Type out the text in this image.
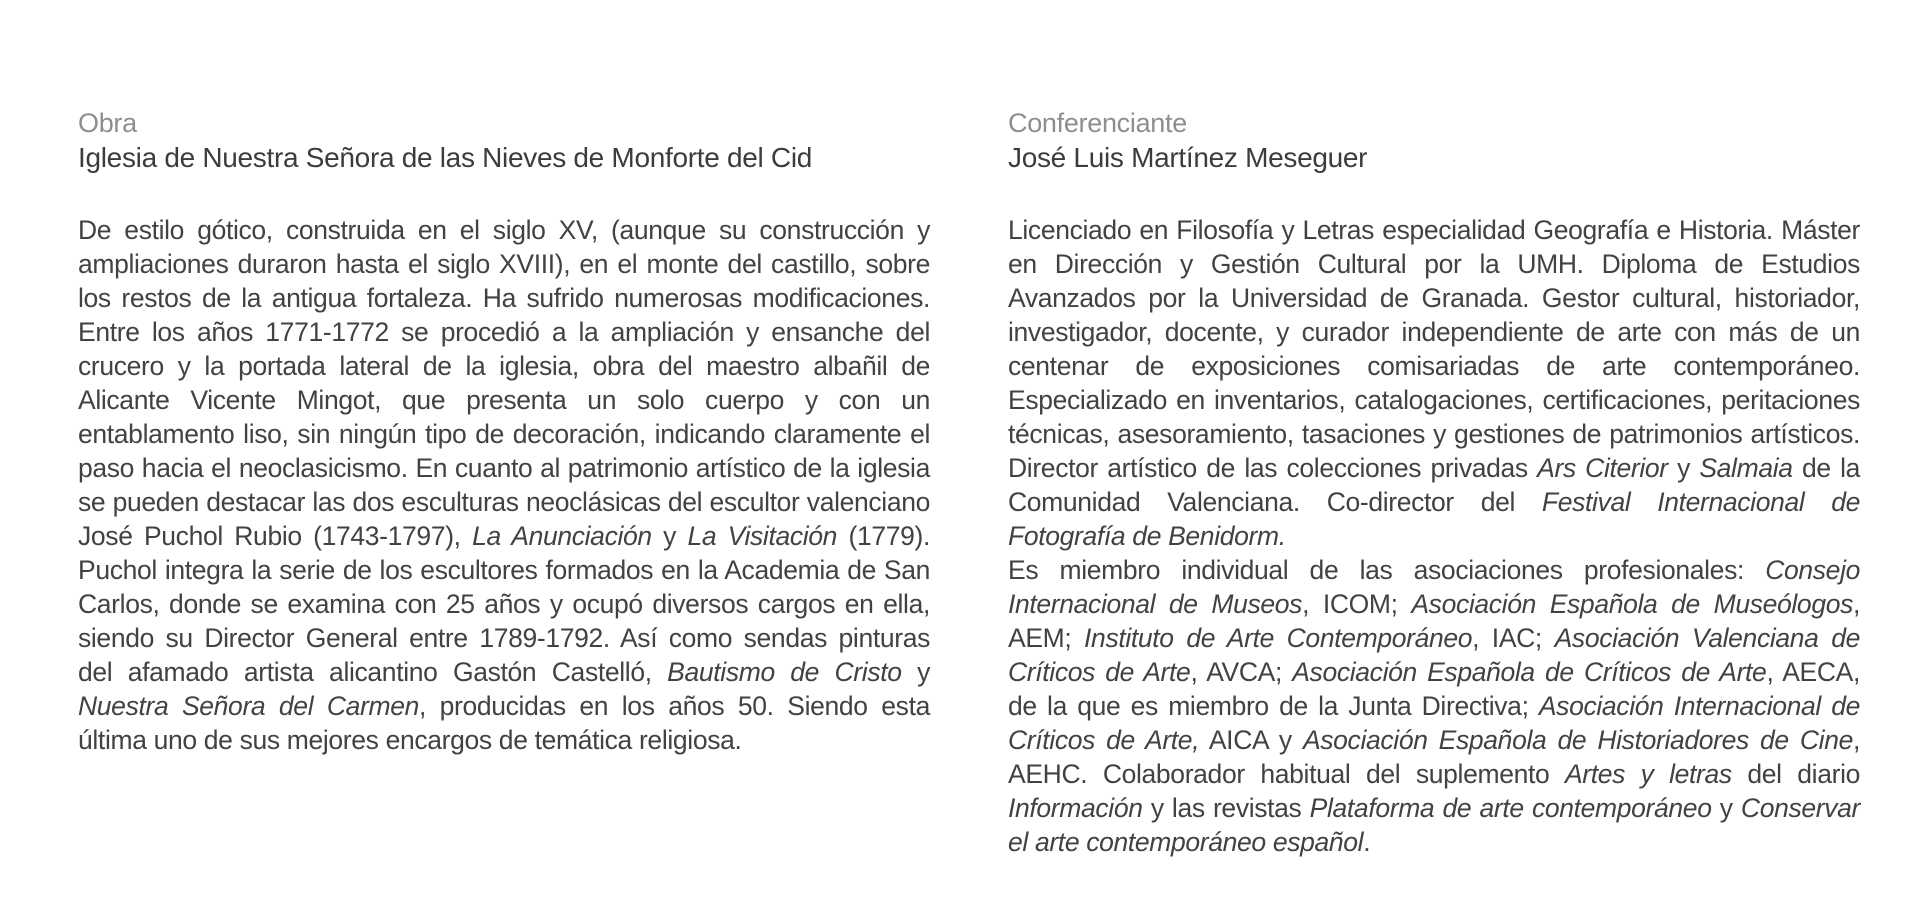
Obra
Iglesia de Nuestra Señora de las Nieves de Monforte del Cid

De estilo gótico, construida en el siglo XV, (aunque su construcción y ampliaciones duraron hasta el siglo XVIII), en el monte del castillo, sobre los restos de la antigua fortaleza. Ha sufrido numerosas modificaciones. Entre los años 1771-1772 se procedió a la ampliación y ensanche del crucero y la portada lateral de la iglesia, obra del maestro albañil de Alicante Vicente Mingot, que presenta un solo cuerpo y con un entablamento liso, sin ningún tipo de decoración, indicando claramente el paso hacia el neoclasicismo. En cuanto al patrimonio artístico de la iglesia se pueden destacar las dos esculturas neoclásicas del escultor valenciano José Puchol Rubio (1743-1797), La Anunciación y La Visitación (1779). Puchol integra la serie de los escultores formados en la Academia de San Carlos, donde se examina con 25 años y ocupó diversos cargos en ella, siendo su Director General entre 1789-1792. Así como sendas pinturas del afamado artista alicantino Gastón Castelló, Bautismo de Cristo y Nuestra Señora del Carmen, producidas en los años 50. Siendo esta última uno de sus mejores encargos de temática religiosa.

Conferenciante
José Luis Martínez Meseguer

Licenciado en Filosofía y Letras especialidad Geografía e Historia. Máster en Dirección y Gestión Cultural por la UMH. Diploma de Estudios Avanzados por la Universidad de Granada. Gestor cultural, historiador, investigador, docente, y curador independiente de arte con más de un centenar de exposiciones comisariadas de arte contemporáneo. Especializado en inventarios, catalogaciones, certificaciones, peritaciones técnicas, asesoramiento, tasaciones y gestiones de patrimonios artísticos. Director artístico de las colecciones privadas Ars Citerior y Salmaia de la Comunidad Valenciana. Co-director del Festival Internacional de Fotografía de Benidorm.

Es miembro individual de las asociaciones profesionales: Consejo Internacional de Museos, ICOM; Asociación Española de Museólogos, AEM; Instituto de Arte Contemporáneo, IAC; Asociación Valenciana de Críticos de Arte, AVCA; Asociación Española de Críticos de Arte, AECA, de la que es miembro de la Junta Directiva; Asociación Internacional de Críticos de Arte, AICA y Asociación Española de Historiadores de Cine, AEHC. Colaborador habitual del suplemento Artes y letras del diario Información y las revistas Plataforma de arte contemporáneo y Conservar el arte contemporáneo español.
